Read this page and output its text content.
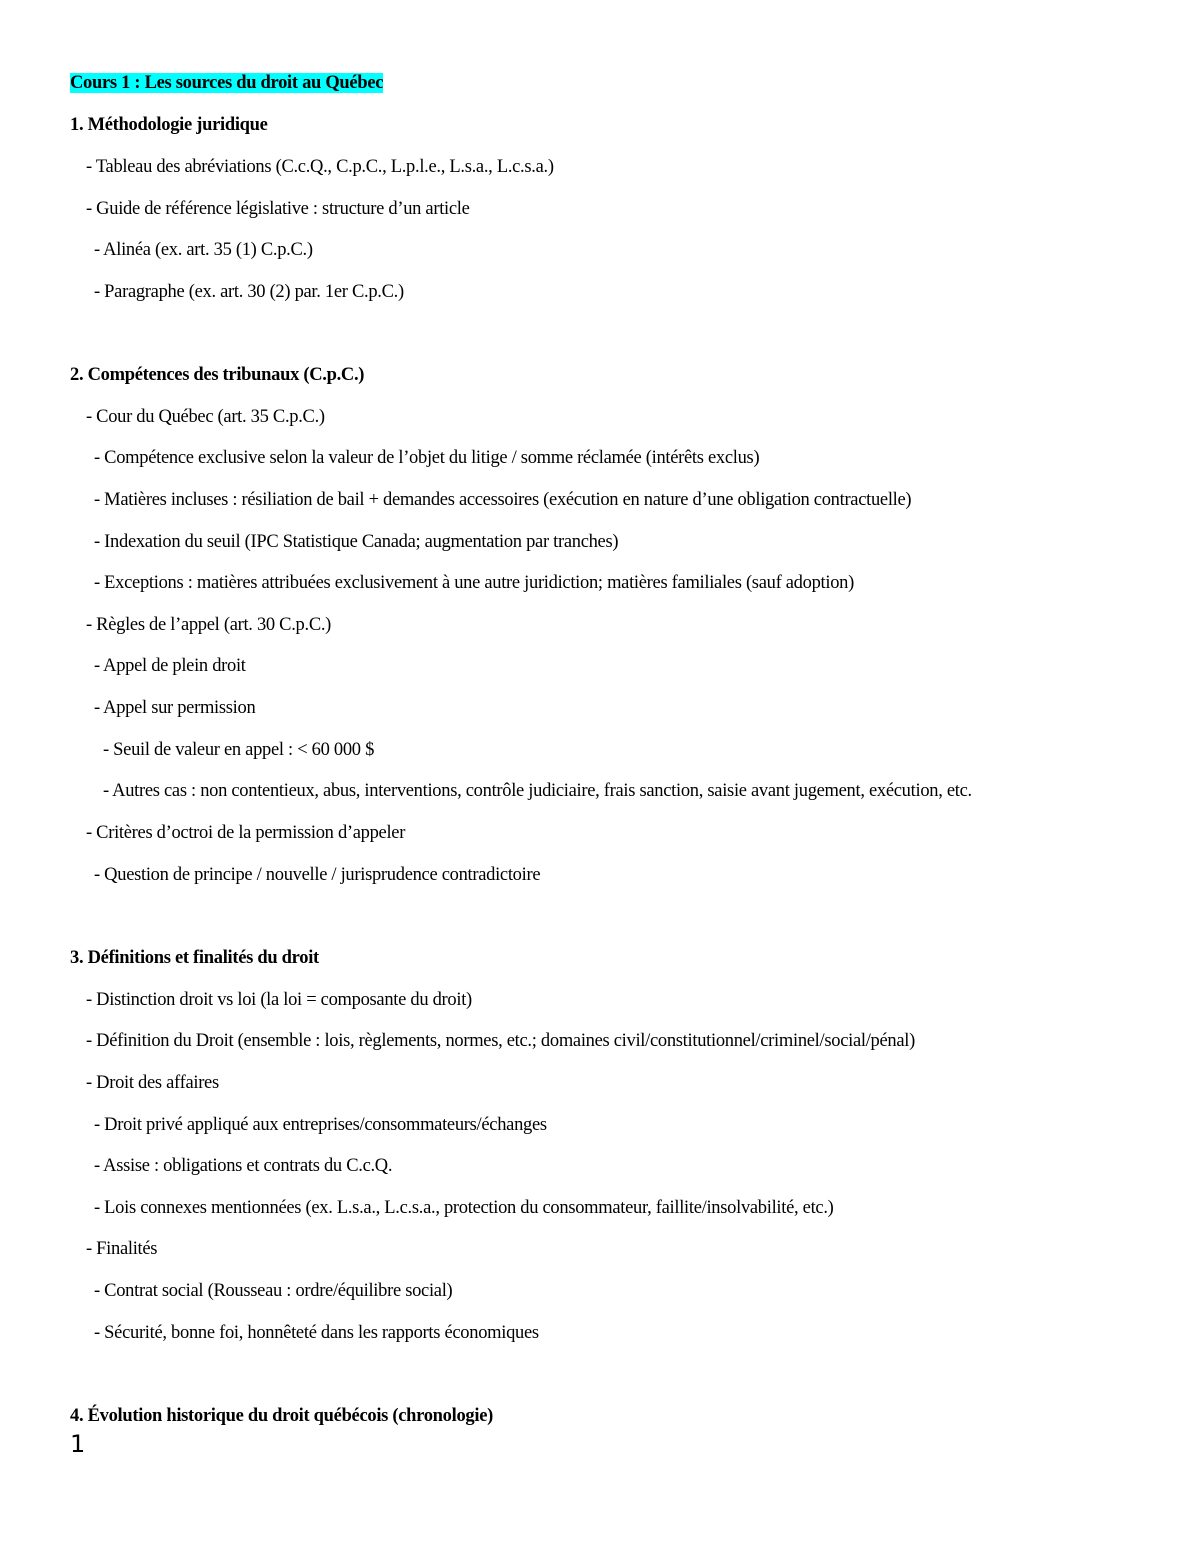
Cours 1 : Les sources du droit au Québec
1. Méthodologie juridique
- Tableau des abréviations (C.c.Q., C.p.C., L.p.l.e., L.s.a., L.c.s.a.)
- Guide de référence législative : structure d’un article
- Alinéa (ex. art. 35 (1) C.p.C.)
- Paragraphe (ex. art. 30 (2) par. 1er C.p.C.)
2. Compétences des tribunaux (C.p.C.)
- Cour du Québec (art. 35 C.p.C.)
- Compétence exclusive selon la valeur de l’objet du litige / somme réclamée (intérêts exclus)
- Matières incluses : résiliation de bail + demandes accessoires (exécution en nature d’une obligation contractuelle)
- Indexation du seuil (IPC Statistique Canada; augmentation par tranches)
- Exceptions : matières attribuées exclusivement à une autre juridiction; matières familiales (sauf adoption)
- Règles de l’appel (art. 30 C.p.C.)
- Appel de plein droit
- Appel sur permission
- Seuil de valeur en appel : < 60 000 $
- Autres cas : non contentieux, abus, interventions, contrôle judiciaire, frais sanction, saisie avant jugement, exécution, etc.
- Critères d’octroi de la permission d’appeler
- Question de principe / nouvelle / jurisprudence contradictoire
3. Définitions et finalités du droit
- Distinction droit vs loi (la loi = composante du droit)
- Définition du Droit (ensemble : lois, règlements, normes, etc.; domaines civil/constitutionnel/criminel/social/pénal)
- Droit des affaires
- Droit privé appliqué aux entreprises/consommateurs/échanges
- Assise : obligations et contrats du C.c.Q.
- Lois connexes mentionnées (ex. L.s.a., L.c.s.a., protection du consommateur, faillite/insolvabilité, etc.)
- Finalités
- Contrat social (Rousseau : ordre/équilibre social)
- Sécurité, bonne foi, honnêteté dans les rapports économiques
4. Évolution historique du droit québécois (chronologie)
1
